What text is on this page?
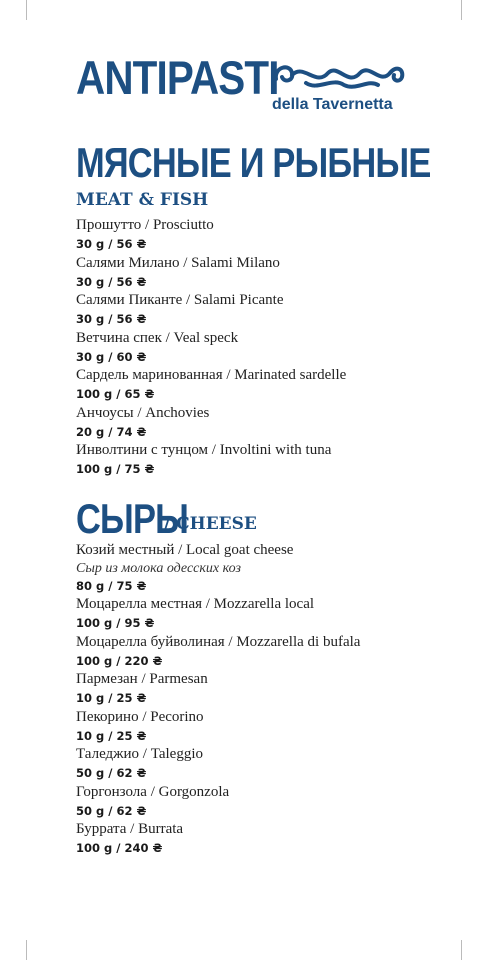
ANTIPASTI
della Tavernetta
МЯСНЫЕ И РЫБНЫЕ
MEAT & FISH
Прошутто / Prosciutto
30 g / 56 ₴
Салями Милано / Salami Milano
30 g / 56 ₴
Салями Пиканте / Salami Picante
30 g / 56 ₴
Ветчина спек / Veal speck
30 g / 60 ₴
Сардель маринованная / Marinated sardelle
100 g / 65 ₴
Анчоусы / Anchovies
20 g / 74 ₴
Инволтини с тунцом / Involtini with tuna
100 g / 75 ₴
СЫРЫ
/ CHEESE
Козий местный / Local goat cheese
Сыр из молока одесских коз
80 g / 75 ₴
Моцарелла местная / Mozzarella local
100 g / 95 ₴
Моцарелла буйволиная / Mozzarella di bufala
100 g / 220 ₴
Пармезан / Parmesan
10 g / 25 ₴
Пекорино / Pecorino
10 g / 25 ₴
Таледжио / Taleggio
50 g / 62 ₴
Горгонзола / Gorgonzola
50 g / 62 ₴
Буррата / Burrata
100 g / 240 ₴
